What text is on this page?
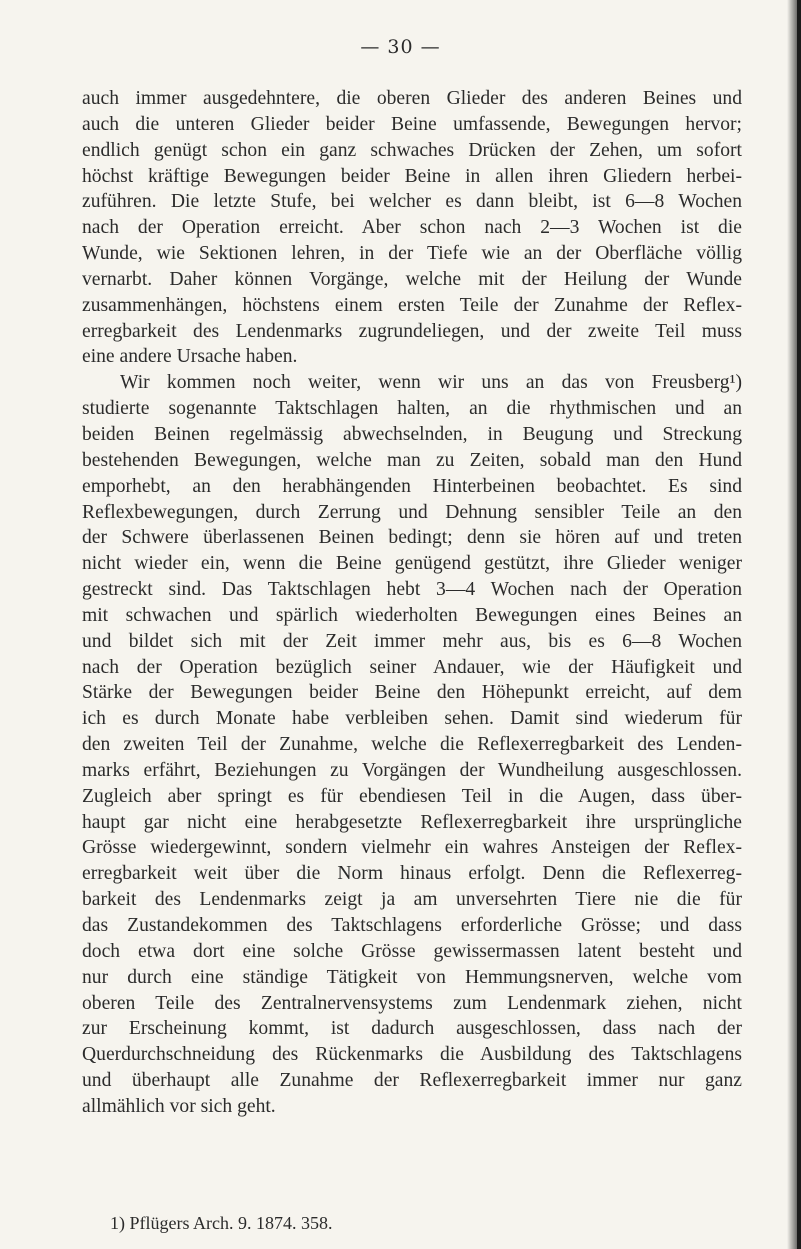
— 30 —
auch immer ausgedehntere, die oberen Glieder des anderen Beines und
auch die unteren Glieder beider Beine umfassende, Bewegungen hervor;
endlich genügt schon ein ganz schwaches Drücken der Zehen, um sofort
höchst kräftige Bewegungen beider Beine in allen ihren Gliedern herbei-
zuführen. Die letzte Stufe, bei welcher es dann bleibt, ist 6—8 Wochen
nach der Operation erreicht. Aber schon nach 2—3 Wochen ist die
Wunde, wie Sektionen lehren, in der Tiefe wie an der Oberfläche völlig
vernarbt. Daher können Vorgänge, welche mit der Heilung der Wunde
zusammenhängen, höchstens einem ersten Teile der Zunahme der Reflex-
erregbarkeit des Lendenmarks zugrundeliegen, und der zweite Teil muss
eine andere Ursache haben.
Wir kommen noch weiter, wenn wir uns an das von Freusberg¹)
studierte sogenannte Taktschlagen halten, an die rhythmischen und an
beiden Beinen regelmässig abwechselnden, in Beugung und Streckung
bestehenden Bewegungen, welche man zu Zeiten, sobald man den Hund
emporhebt, an den herabhängenden Hinterbeinen beobachtet. Es sind
Reflexbewegungen, durch Zerrung und Dehnung sensibler Teile an den
der Schwere überlassenen Beinen bedingt; denn sie hören auf und treten
nicht wieder ein, wenn die Beine genügend gestützt, ihre Glieder weniger
gestreckt sind. Das Taktschlagen hebt 3—4 Wochen nach der Operation
mit schwachen und spärlich wiederholten Bewegungen eines Beines an
und bildet sich mit der Zeit immer mehr aus, bis es 6—8 Wochen
nach der Operation bezüglich seiner Andauer, wie der Häufigkeit und
Stärke der Bewegungen beider Beine den Höhepunkt erreicht, auf dem
ich es durch Monate habe verbleiben sehen. Damit sind wiederum für
den zweiten Teil der Zunahme, welche die Reflexerregbarkeit des Lenden-
marks erfährt, Beziehungen zu Vorgängen der Wundheilung ausgeschlossen.
Zugleich aber springt es für ebendiesen Teil in die Augen, dass über-
haupt gar nicht eine herabgesetzte Reflexerregbarkeit ihre ursprüngliche
Grösse wiedergewinnt, sondern vielmehr ein wahres Ansteigen der Reflex-
erregbarkeit weit über die Norm hinaus erfolgt. Denn die Reflexerreg-
barkeit des Lendenmarks zeigt ja am unversehrten Tiere nie die für
das Zustandekommen des Taktschlagens erforderliche Grösse; und dass
doch etwa dort eine solche Grösse gewissermassen latent besteht und
nur durch eine ständige Tätigkeit von Hemmungsnerven, welche vom
oberen Teile des Zentralnervensystems zum Lendenmark ziehen, nicht
zur Erscheinung kommt, ist dadurch ausgeschlossen, dass nach der
Querdurchschneidung des Rückenmarks die Ausbildung des Taktschlagens
und überhaupt alle Zunahme der Reflexerregbarkeit immer nur ganz
allmählich vor sich geht.
1) Pflügers Arch. 9. 1874. 358.
